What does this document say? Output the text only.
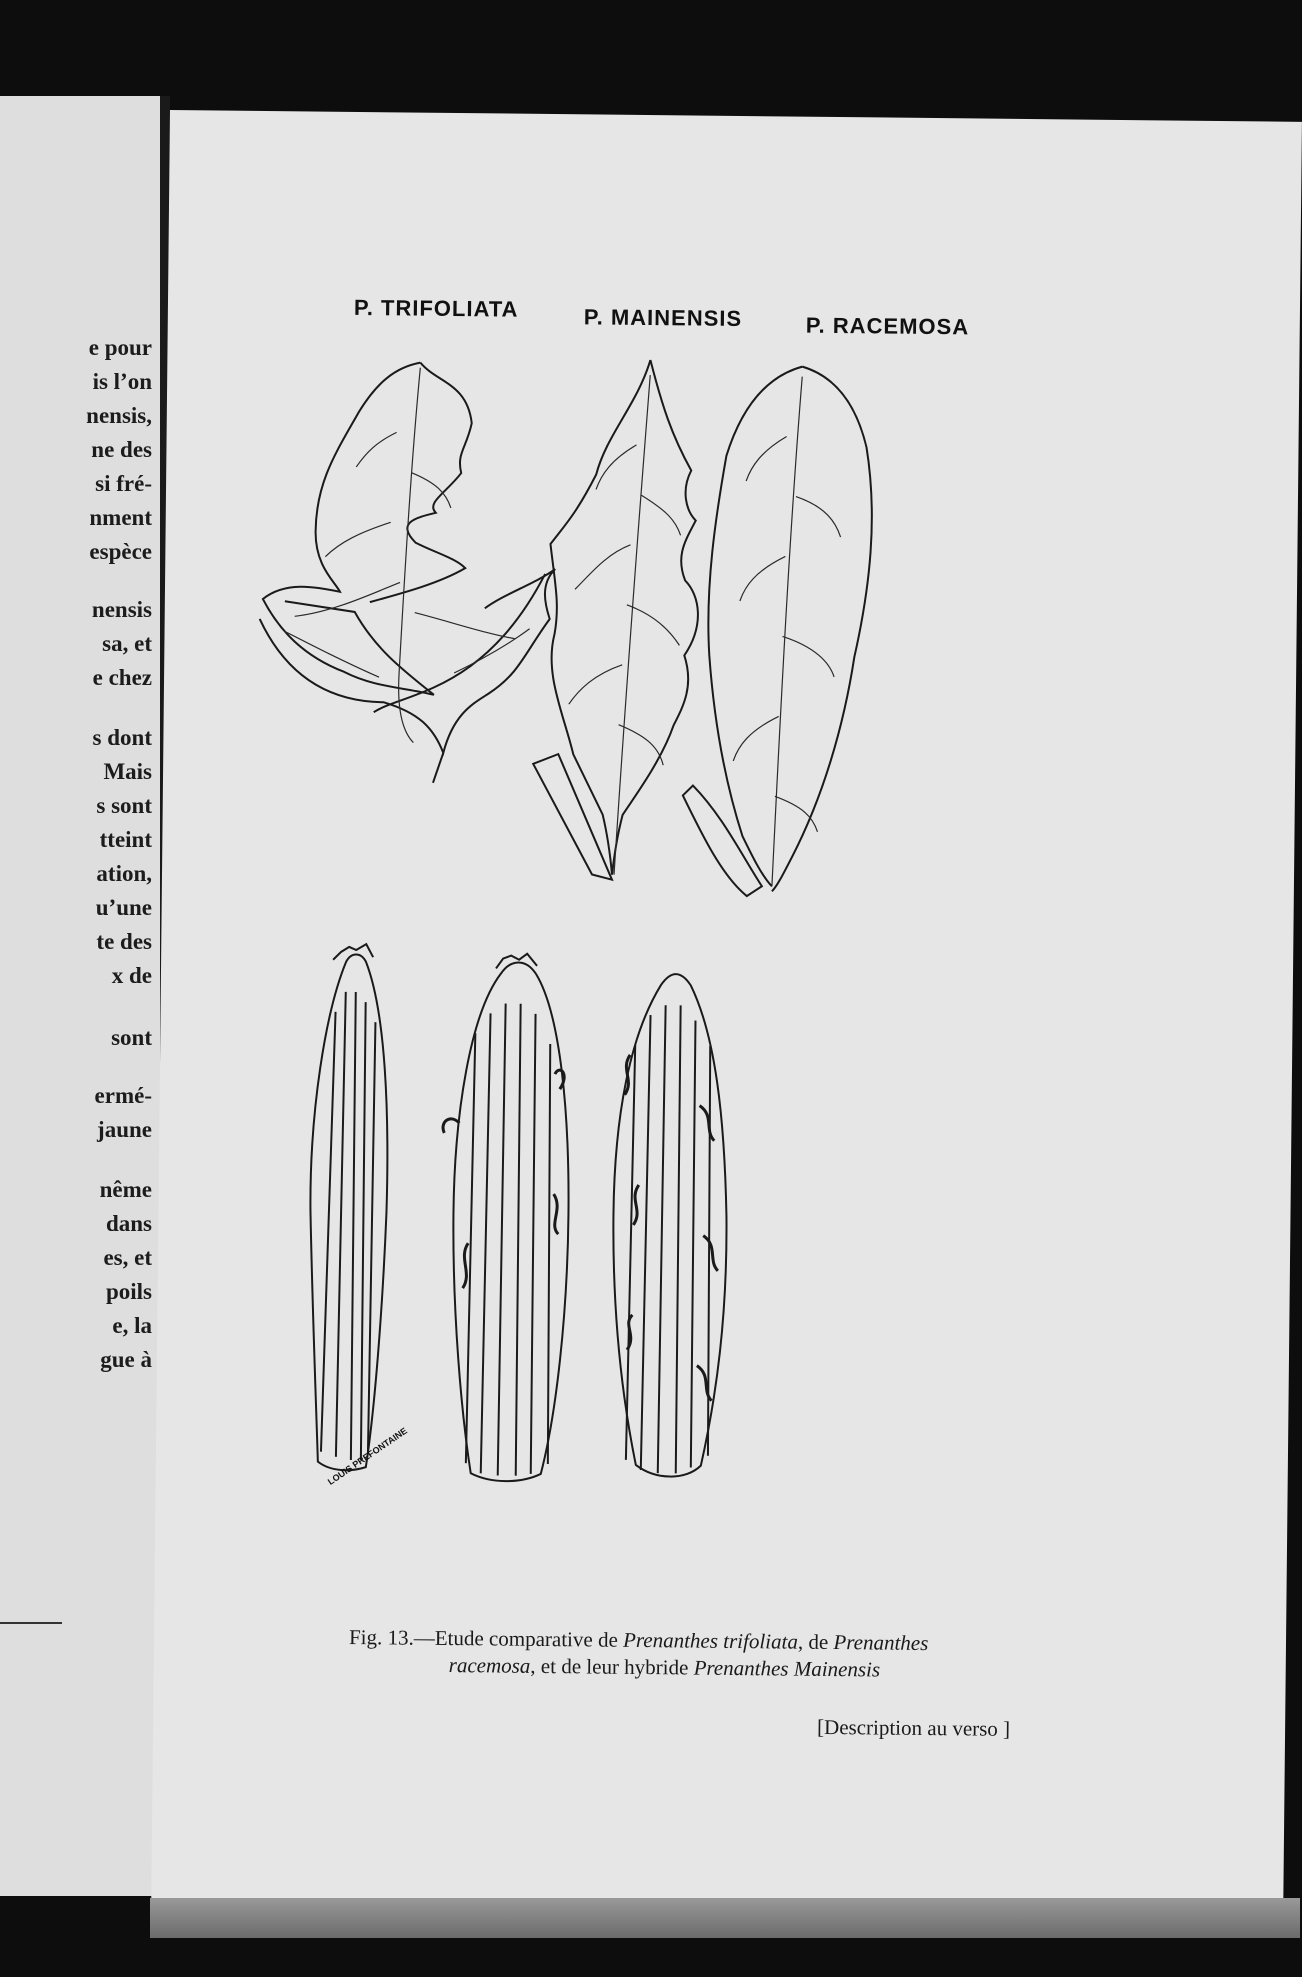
e pour
is l’on
nensis,
ne des
si fré-
nment
espèce
nensis
sa, et
e chez
s dont
Mais
s sont
tteint
ation,
u’une
te des
x de
sont
ermé-
jaune
nême
dans
es, et
poils
e, la
gue à
P. TRIFOLIATA	P. MAINENSIS	P. RACEMOSA
LOUIS PREFONTAINE
Fig. 13.—Etude comparative de Prenanthes trifoliata, de Prenanthes
racemosa, et de leur hybride Prenanthes Mainensis
[Description au verso ]
